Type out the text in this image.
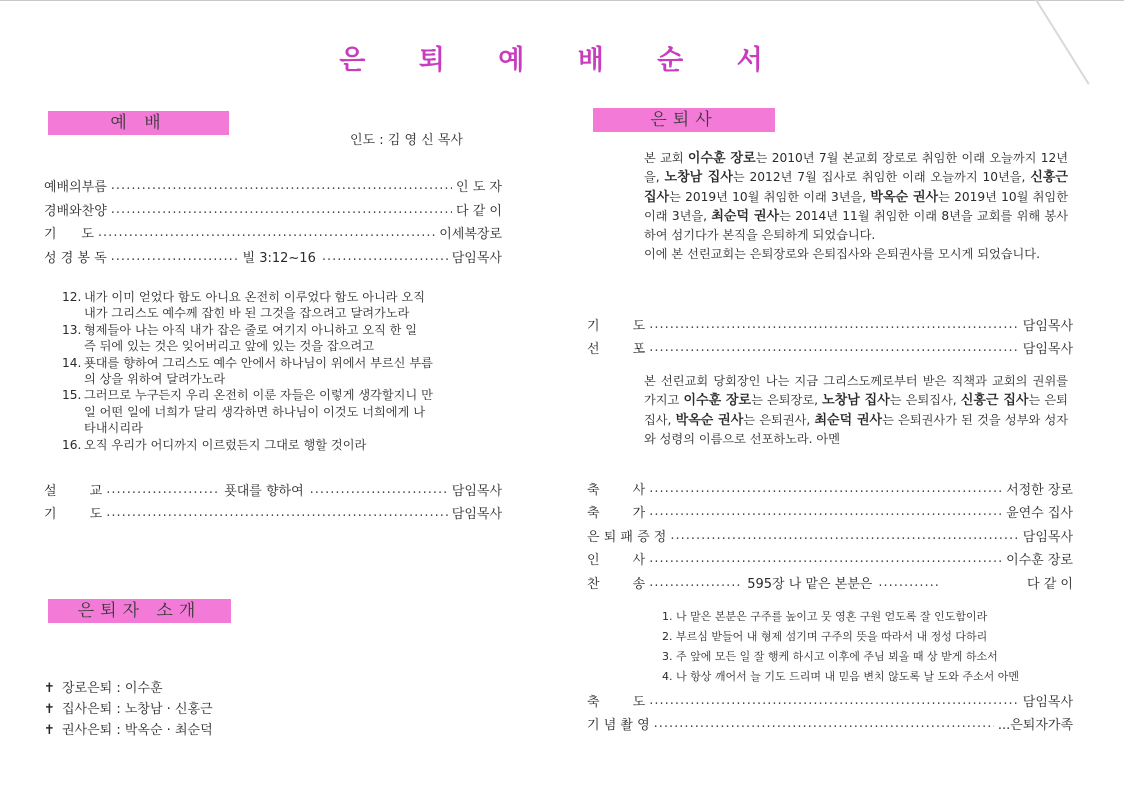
은 퇴 예 배 순 서
예 배
인도 : 김 영 신 목사
예배의부름 .....	인 도 자
경배와찬양 .....	다 같 이
기      도 .....	이세복장로
성 경 봉 독 .....	빌 3:12~16 .....	담임목사
12. 내가 이미 얻었다 함도 아니요 온전히 이루었다 함도 아니라 오직
내가 그리스도 예수께 잡힌 바 된 그것을 잡으려고 달려가노라
13. 형제들아 나는 아직 내가 잡은 줄로 여기지 아니하고 오직 한 일
즉 뒤에 있는 것은 잊어버리고 앞에 있는 것을 잡으려고
14. 푯대를 향하여 그리스도 예수 안에서 하나님이 위에서 부르신 부름
의 상을 위하여 달려가노라
15. 그러므로 누구든지 우리 온전히 이룬 자들은 이렇게 생각할지니 만
일 어떤 일에 너희가 달리 생각하면 하나님이 이것도 너희에게 나
타내시리라
16. 오직 우리가 어디까지 이르렀든지 그대로 행할 것이라
설        교 .....	푯대를 향하여 .....	담임목사
기        도 .....	담임목사
은퇴자 소개
✝ 장로은퇴 : 이수훈
✝ 집사은퇴 : 노창남 · 신홍근
✝ 권사은퇴 : 박옥순 · 최순덕
은퇴사
본 교회 이수훈 장로는 2010년 7월 본교회 장로로 취임한 이래 오늘까지 12년을, 노창남 집사는 2012년 7월 집사로 취임한 이래 오늘까지 10년을, 신홍근 집사는 2019년 10월 취임한 이래 3년을, 박옥순 권사는 2019년 10월 취임한 이래 3년을, 최순덕 권사는 2014년 11월 취임한 이래 8년을 교회를 위해 봉사하여 섬기다가 본직을 은퇴하게 되었습니다.
이에 본 선린교회는 은퇴장로와 은퇴집사와 은퇴권사를 모시게 되었습니다.
기        도 .....	담임목사
선        포 .....	담임목사
본 선린교회 당회장인 나는 지금 그리스도께로부터 받은 직책과 교회의 권위를 가지고 이수훈 장로는 은퇴장로, 노창남 집사는 은퇴집사, 신홍근 집사는 은퇴집사, 박옥순 권사는 은퇴권사, 최순덕 권사는 은퇴권사가 된 것을 성부와 성자와 성령의 이름으로 선포하노라. 아멘
축        사 .....	서정한 장로
축        가 .....	윤연수 집사
은 퇴 패 증 정 .....	담임목사
인        사 .....	이수훈 장로
찬        송 .....	595장 나 맡은 본분은 .....	다 같 이
1. 나 맡은 본분은 구주를 높이고 뭇 영혼 구원 얻도록 잘 인도함이라
2. 부르심 받들어 내 형제 섬기며 구주의 뜻을 따라서 내 정성 다하리
3. 주 앞에 모든 일 잘 행케 하시고 이후에 주님 뵈올 때 상 받게 하소서
4. 나 항상 깨어서 늘 기도 드리며 내 믿음 변치 않도록 날 도와 주소서 아멘
축        도 .....	담임목사
기 념 촬 영 .....	...은퇴자가족
